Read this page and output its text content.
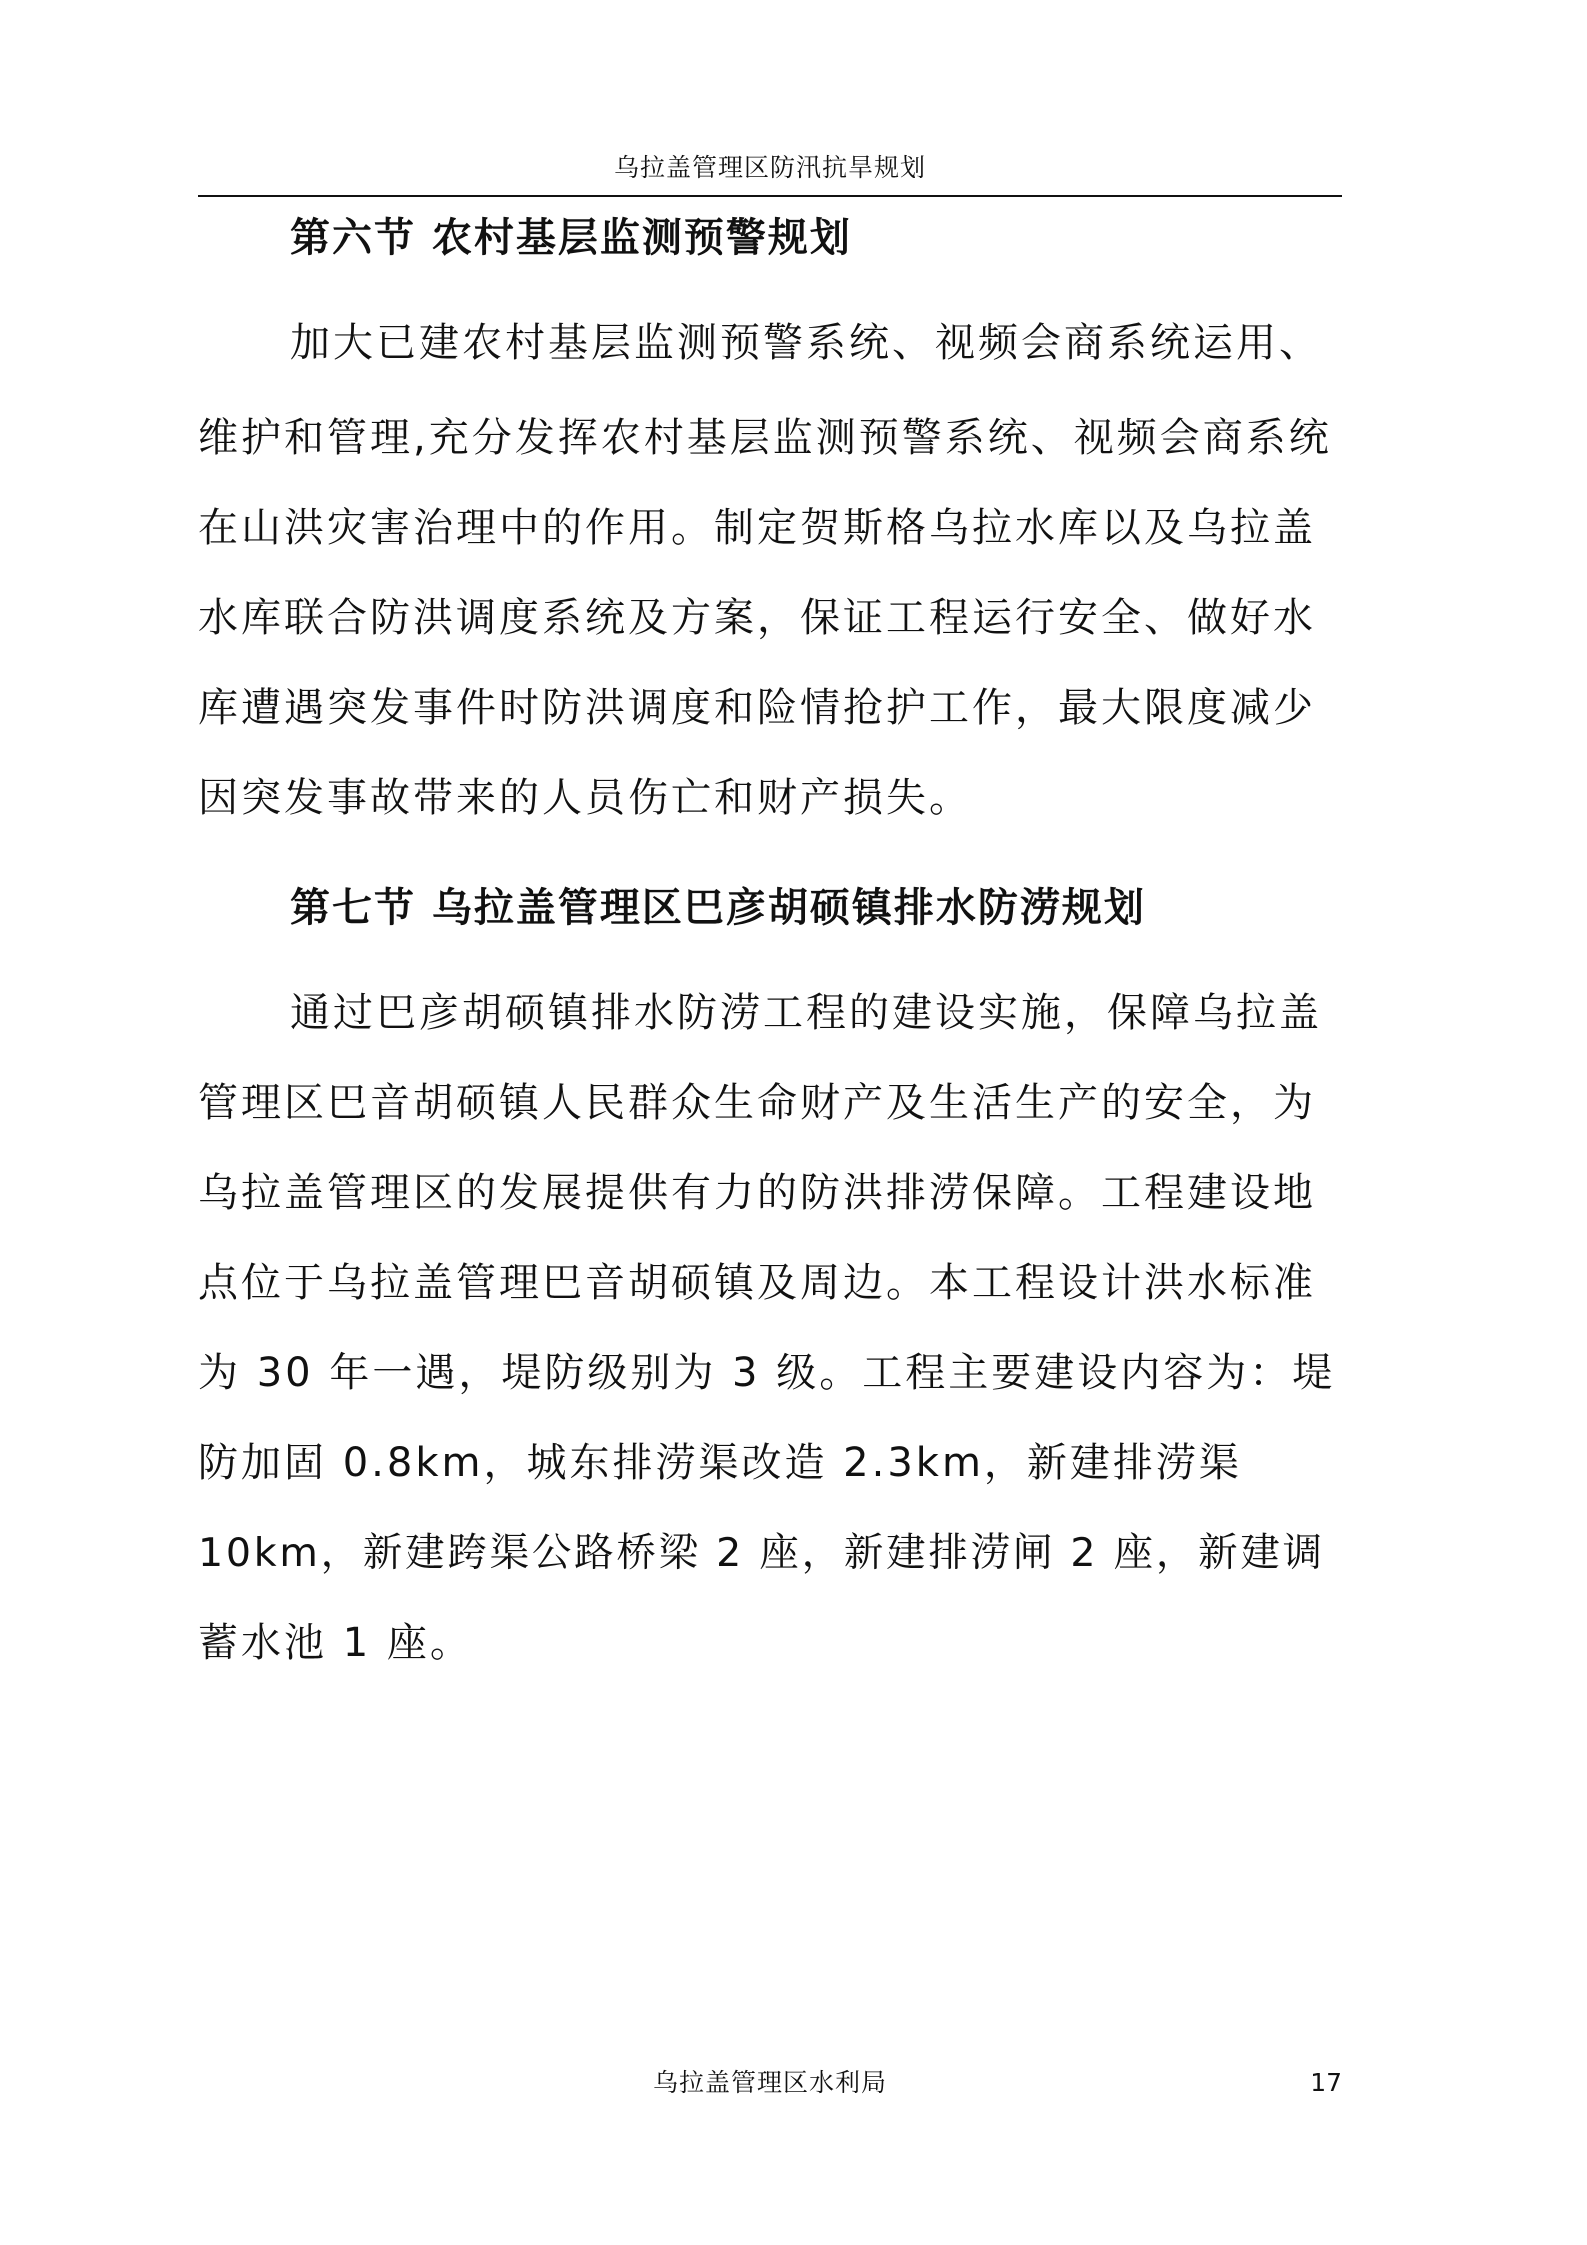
乌拉盖管理区防汛抗旱规划
第六节 农村基层监测预警规划
加大已建农村基层监测预警系统、视频会商系统运用、
维护和管理,充分发挥农村基层监测预警系统、视频会商系统
在山洪灾害治理中的作用。制定贺斯格乌拉水库以及乌拉盖
水库联合防洪调度系统及方案，保证工程运行安全、做好水
库遭遇突发事件时防洪调度和险情抢护工作，最大限度减少
因突发事故带来的人员伤亡和财产损失。
第七节 乌拉盖管理区巴彦胡硕镇排水防涝规划
通过巴彦胡硕镇排水防涝工程的建设实施，保障乌拉盖
管理区巴音胡硕镇人民群众生命财产及生活生产的安全，为
乌拉盖管理区的发展提供有力的防洪排涝保障。工程建设地
点位于乌拉盖管理巴音胡硕镇及周边。本工程设计洪水标准
为 30 年一遇，堤防级别为 3 级。工程主要建设内容为：堤
防加固 0.8km，城东排涝渠改造 2.3km，新建排涝渠
10km，新建跨渠公路桥梁 2 座，新建排涝闸 2 座，新建调
蓄水池 1 座。
乌拉盖管理区水利局	17
